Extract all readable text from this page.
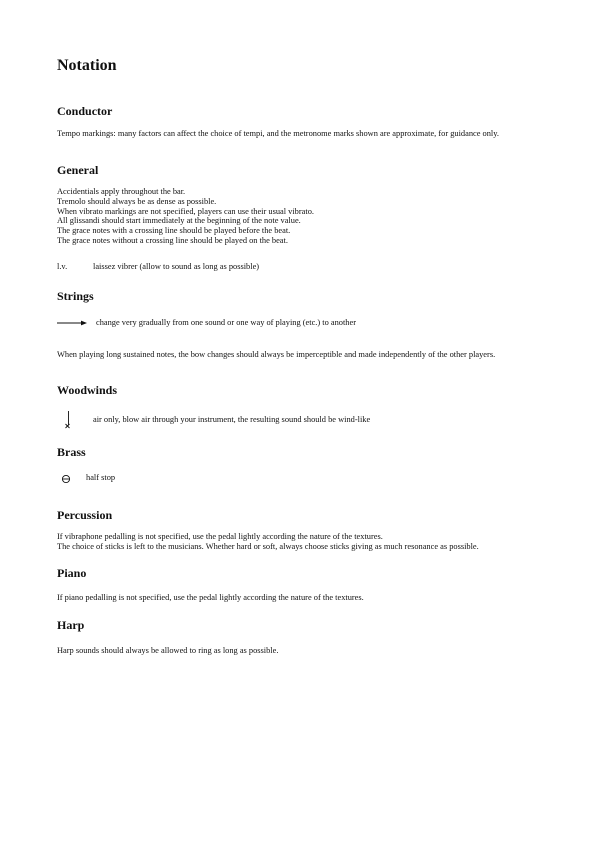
Notation
Conductor

Tempo markings: many factors can affect the choice of tempi, and the metronome marks shown are approximate, for guidance only.

General
Accidentials apply throughout the bar.
Tremolo should always be as dense as possible.
When vibrato markings are not specified, players can use their usual vibrato.
All glissandi should start immediately at the beginning of the note value.
The grace notes with a crossing line should be played before the beat.
The grace notes without a crossing line should be played on the beat.
l.v.	laissez vibrer (allow to sound as long as possible)
Strings
change very gradually from one sound or one way of playing (etc.) to another

When playing long sustained notes, the bow changes should always be imperceptible and made independently of the other players.

Woodwinds
air only, blow air through your instrument, the resulting sound should be wind-like
Brass
half stop
Percussion
If vibraphone pedalling is not specified, use the pedal lightly according the nature of the textures.
The choice of sticks is left to the musicians. Whether hard or soft, always choose sticks giving as much resonance as possible.
Piano

If piano pedalling is not specified, use the pedal lightly according the nature of the textures.

Harp

Harp sounds should always be allowed to ring as long as possible.
